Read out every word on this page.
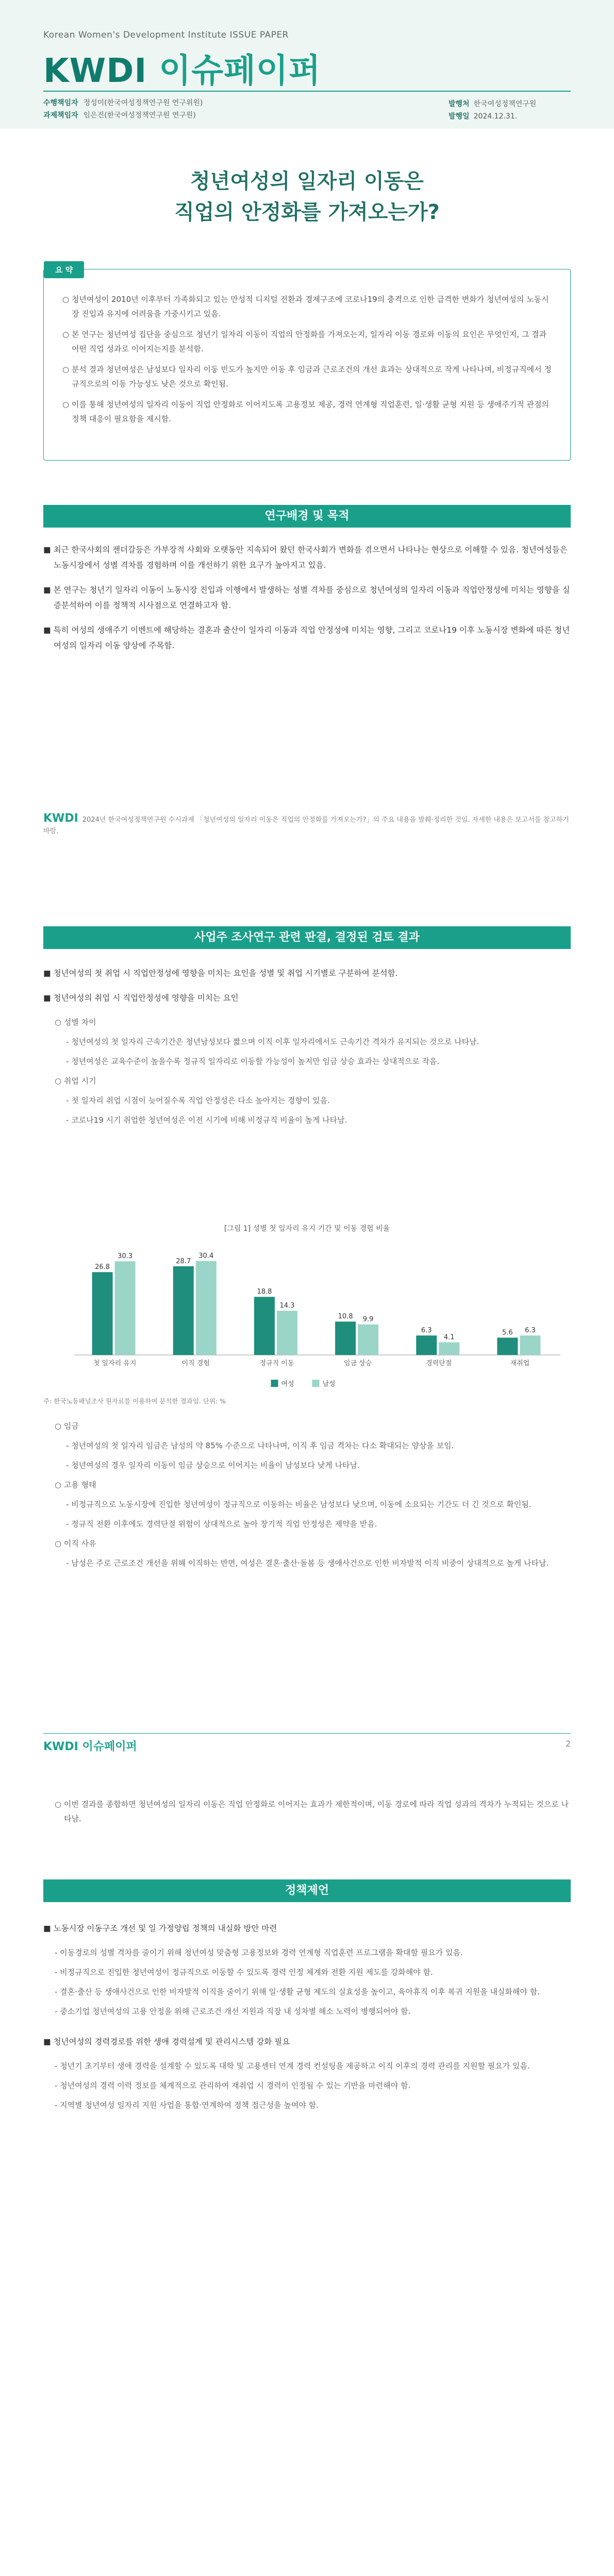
Korean Women's Development Institute ISSUE PAPER
KWDI 이슈페이퍼
수행책임자 정성미(한국여성정책연구원 연구위원)
과제책임자 임은진(한국여성정책연구원 연구원)
발행처 한국여성정책연구원
발행일 2024.12.31.
청년여성의 일자리 이동은
직업의 안정화를 가져오는가?
요 약

○ 청년여성이 2010년 이후부터 가족화되고 있는 만성적 디지털 전환과 경제구조에 코로나19의 충격으로 인한 급격한 변화가 청년여성의 노동시장 진입과 유지에 어려움을 가중시키고 있음.

○ 본 연구는 청년여성 집단을 중심으로 청년기 일자리 이동이 직업의 안정화를 가져오는지, 일자리 이동 경로와 이동의 요인은 무엇인지, 그 결과 어떤 직업 성과로 이어지는지를 분석함.

○ 분석 결과 청년여성은 남성보다 일자리 이동 빈도가 높지만 이동 후 임금과 근로조건의 개선 효과는 상대적으로 작게 나타나며, 비정규직에서 정규직으로의 이동 가능성도 낮은 것으로 확인됨.

○ 이를 통해 청년여성의 일자리 이동이 직업 안정화로 이어지도록 고용정보 제공, 경력 연계형 직업훈련, 일·생활 균형 지원 등 생애주기적 관점의 정책 대응이 필요함을 제시함.

연구배경 및 목적

■ 최근 한국사회의 젠더갈등은 가부장적 사회와 오랫동안 지속되어 왔던 한국사회가 변화를 겪으면서 나타나는 현상으로 이해할 수 있음. 청년여성들은 노동시장에서 성별 격차를 경험하며 이를 개선하기 위한 요구가 높아지고 있음.

■ 본 연구는 청년기 일자리 이동이 노동시장 진입과 이행에서 발생하는 성별 격차를 중심으로 청년여성의 일자리 이동과 직업안정성에 미치는 영향을 실증분석하여 이를 정책적 시사점으로 연결하고자 함.

■ 특히 여성의 생애주기 이벤트에 해당하는 결혼과 출산이 일자리 이동과 직업 안정성에 미치는 영향, 그리고 코로나19 이후 노동시장 변화에 따른 청년여성의 일자리 이동 양상에 주목함.

KWDI 2024년 한국여성정책연구원 수시과제 「청년여성의 일자리 이동은 직업의 안정화를 가져오는가?」의 주요 내용을 발췌·정리한 것임. 자세한 내용은 보고서를 참고하기 바람.
사업주 조사연구 관련 판결, 결정된 검토 결과

■ 청년여성의 첫 취업 시 직업안정성에 영향을 미치는 요인을 성별 및 취업 시기별로 구분하여 분석함.

■ 청년여성의 취업 시 직업안정성에 영향을 미치는 요인

○ 성별 차이

- 청년여성의 첫 일자리 근속기간은 청년남성보다 짧으며 이직 이후 일자리에서도 근속기간 격차가 유지되는 것으로 나타남.

- 청년여성은 교육수준이 높을수록 정규직 일자리로 이동할 가능성이 높지만 임금 상승 효과는 상대적으로 작음.

○ 취업 시기

- 첫 일자리 취업 시점이 늦어질수록 직업 안정성은 다소 높아지는 경향이 있음.

- 코로나19 시기 취업한 청년여성은 이전 시기에 비해 비정규직 비율이 높게 나타남.

[그림 1] 성별 첫 일자리 유지 기간 및 이동 경험 비율
26.8
30.3
첫 일자리 유지
28.7
30.4
이직 경험
18.8
14.3
정규직 이동
10.8 9.9
임금 상승
6.3
4.1
경력단절
5.6 6.3
재취업
여성	남성
주: 한국노동패널조사 원자료를 이용하여 분석한 결과임. 단위: %

○ 임금

- 청년여성의 첫 일자리 임금은 남성의 약 85% 수준으로 나타나며, 이직 후 임금 격차는 다소 확대되는 양상을 보임.

- 청년여성의 경우 일자리 이동이 임금 상승으로 이어지는 비율이 남성보다 낮게 나타남.

○ 고용 형태

- 비정규직으로 노동시장에 진입한 청년여성이 정규직으로 이동하는 비율은 남성보다 낮으며, 이동에 소요되는 기간도 더 긴 것으로 확인됨.

- 정규직 전환 이후에도 경력단절 위험이 상대적으로 높아 장기적 직업 안정성은 제약을 받음.

○ 이직 사유

- 남성은 주로 근로조건 개선을 위해 이직하는 반면, 여성은 결혼·출산·돌봄 등 생애사건으로 인한 비자발적 이직 비중이 상대적으로 높게 나타남.

KWDI 이슈페이퍼	2

○ 이번 결과를 종합하면 청년여성의 일자리 이동은 직업 안정화로 이어지는 효과가 제한적이며, 이동 경로에 따라 직업 성과의 격차가 누적되는 것으로 나타남.

정책제언

■ 노동시장 이동구조 개선 및 일 가정양립 정책의 내실화 방안 마련

- 이동경로의 성별 격차를 줄이기 위해 청년여성 맞춤형 고용정보와 경력 연계형 직업훈련 프로그램을 확대할 필요가 있음.

- 비정규직으로 진입한 청년여성이 정규직으로 이동할 수 있도록 경력 인정 체계와 전환 지원 제도를 강화해야 함.

- 결혼·출산 등 생애사건으로 인한 비자발적 이직을 줄이기 위해 일·생활 균형 제도의 실효성을 높이고, 육아휴직 이후 복귀 지원을 내실화해야 함.

- 중소기업 청년여성의 고용 안정을 위해 근로조건 개선 지원과 직장 내 성차별 해소 노력이 병행되어야 함.

■ 청년여성의 경력경로를 위한 생애 경력설계 및 관리시스템 강화 필요

- 청년기 초기부터 생애 경력을 설계할 수 있도록 대학 및 고용센터 연계 경력 컨설팅을 제공하고 이직 이후의 경력 관리를 지원할 필요가 있음.

- 청년여성의 경력 이력 정보를 체계적으로 관리하여 재취업 시 경력이 인정될 수 있는 기반을 마련해야 함.

- 지역별 청년여성 일자리 지원 사업을 통합·연계하여 정책 접근성을 높여야 함.
